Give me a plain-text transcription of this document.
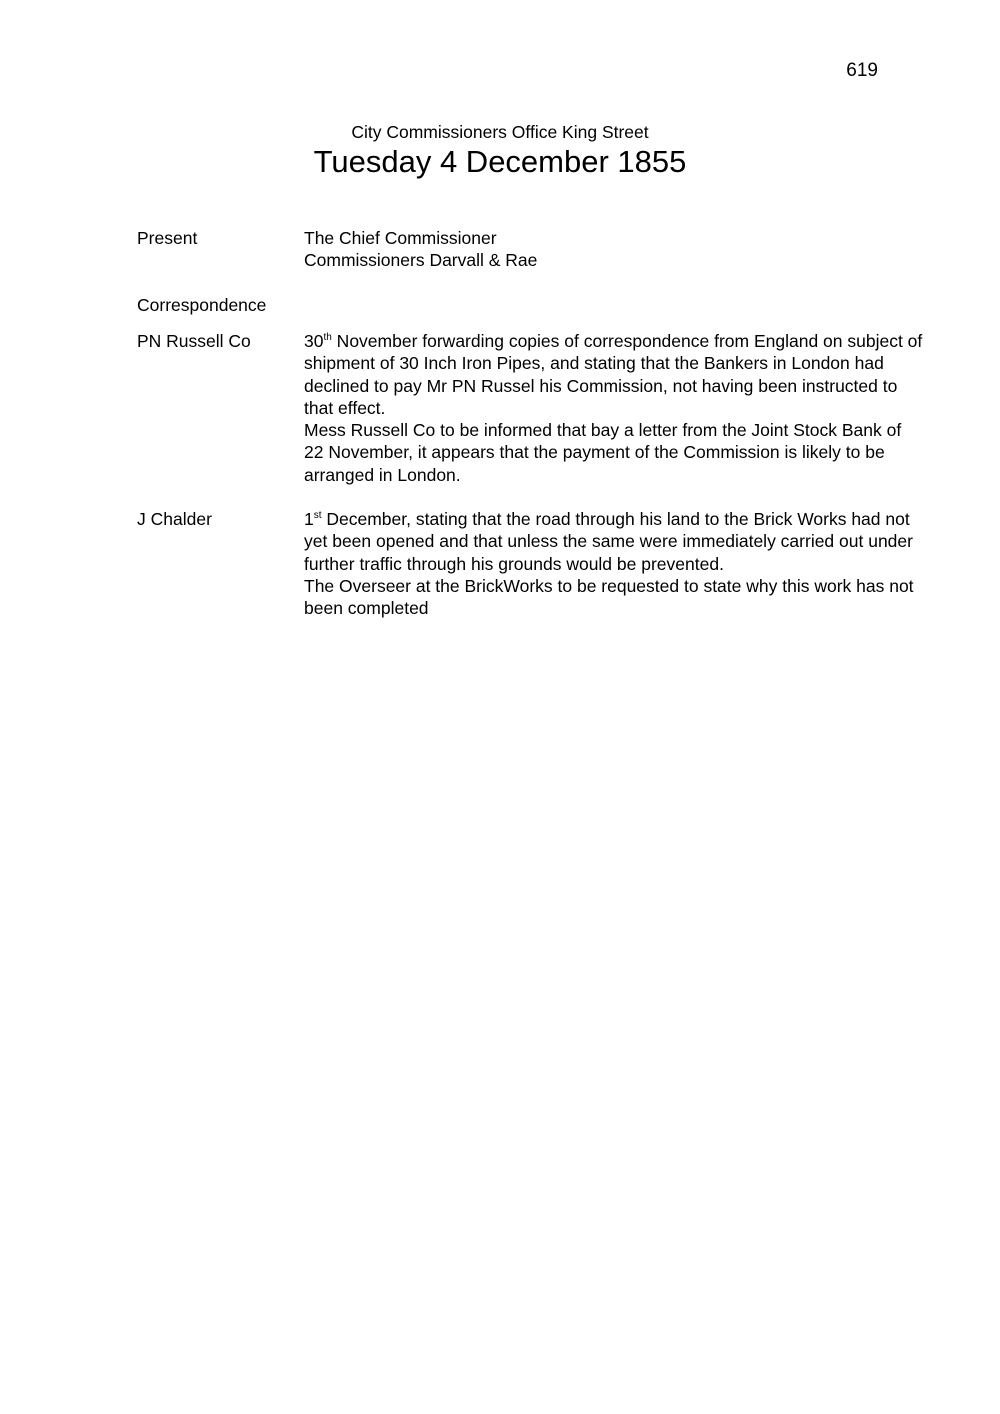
619
City Commissioners Office King Street
Tuesday 4 December 1855
Present	The Chief Commissioner

Commissioners Darvall & Rae

Correspondence
PN Russell Co	30th November forwarding copies of correspondence from England on subject of shipment of 30 Inch Iron Pipes, and stating that the Bankers in London had declined to pay Mr PN Russel his Commission, not having been instructed to that effect.

Mess Russell Co to be informed that bay a letter from the Joint Stock Bank of 22 November, it appears that the payment of the Commission is likely to be arranged in London.

J Chalder	1st December, stating that the road through his land to the Brick Works had not yet been opened and that unless the same were immediately carried out under further traffic through his grounds would be prevented.

The Overseer at the BrickWorks to be requested to state why this work has not been completed
